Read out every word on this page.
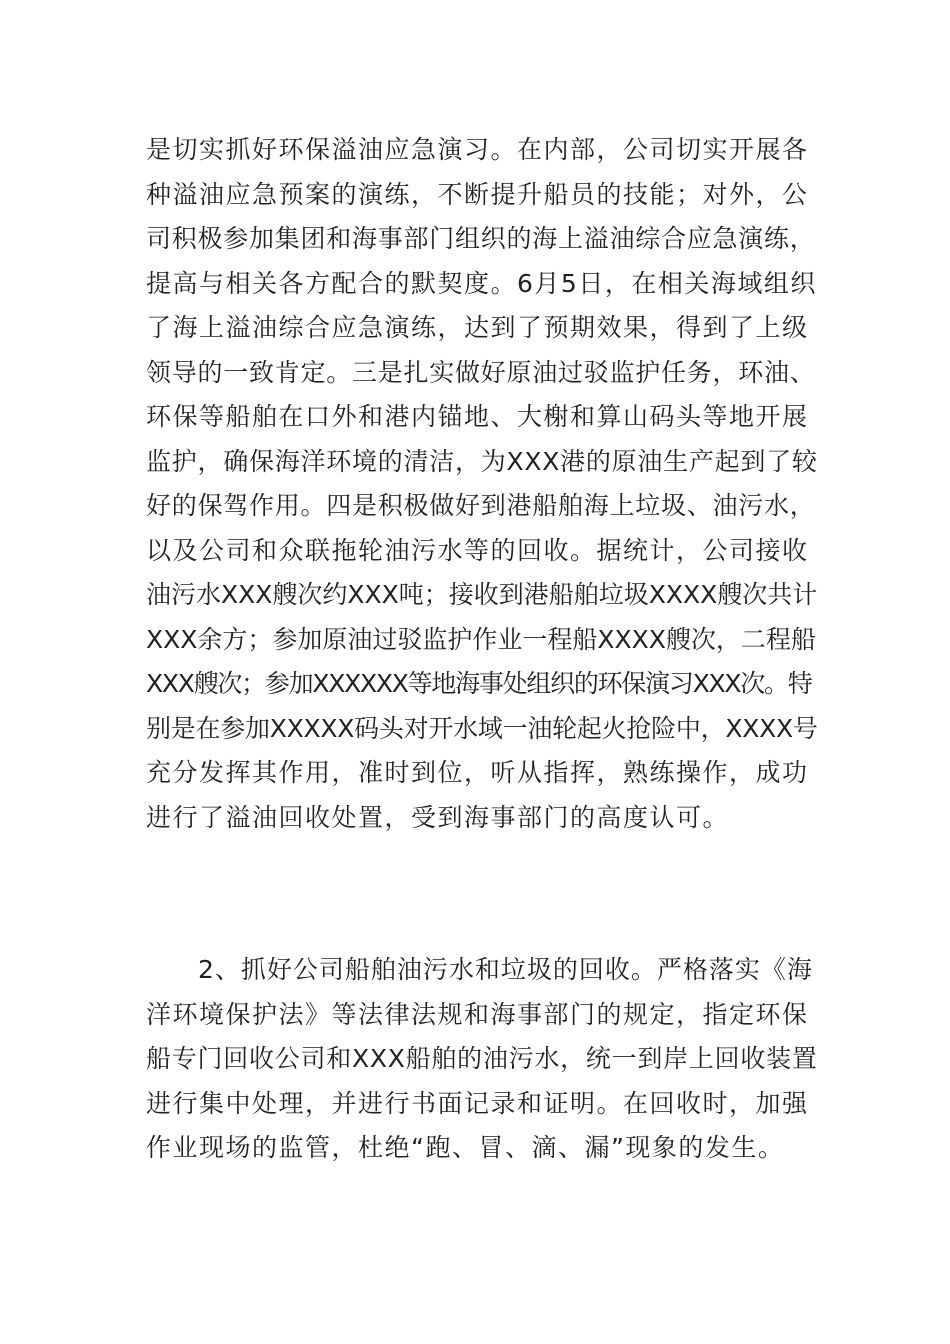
是切实抓好环保溢油应急演习。在内部，公司切实开展各
种溢油应急预案的演练，不断提升船员的技能；对外，公
司积极参加集团和海事部门组织的海上溢油综合应急演练，
提高与相关各方配合的默契度。6月5日，在相关海域组织
了海上溢油综合应急演练，达到了预期效果，得到了上级
领导的一致肯定。三是扎实做好原油过驳监护任务，环油、
环保等船舶在口外和港内锚地、大榭和算山码头等地开展
监护，确保海洋环境的清洁，为XXX港的原油生产起到了较
好的保驾作用。四是积极做好到港船舶海上垃圾、油污水，
以及公司和众联拖轮油污水等的回收。据统计，公司接收
油污水XXX艘次约XXX吨；接收到港船舶垃圾XXXX艘次共计
XXX余方；参加原油过驳监护作业一程船XXXX艘次，二程船
XXX艘次；参加XXXXXX等地海事处组织的环保演习XXX次。特
别是在参加XXXXX码头对开水域一油轮起火抢险中，XXXX号
充分发挥其作用，准时到位，听从指挥，熟练操作，成功
进行了溢油回收处置，受到海事部门的高度认可。
　　2、抓好公司船舶油污水和垃圾的回收。严格落实《海
洋环境保护法》等法律法规和海事部门的规定，指定环保
船专门回收公司和XXX船舶的油污水，统一到岸上回收装置
进行集中处理，并进行书面记录和证明。在回收时，加强
作业现场的监管，杜绝“跑、冒、滴、漏”现象的发生。
